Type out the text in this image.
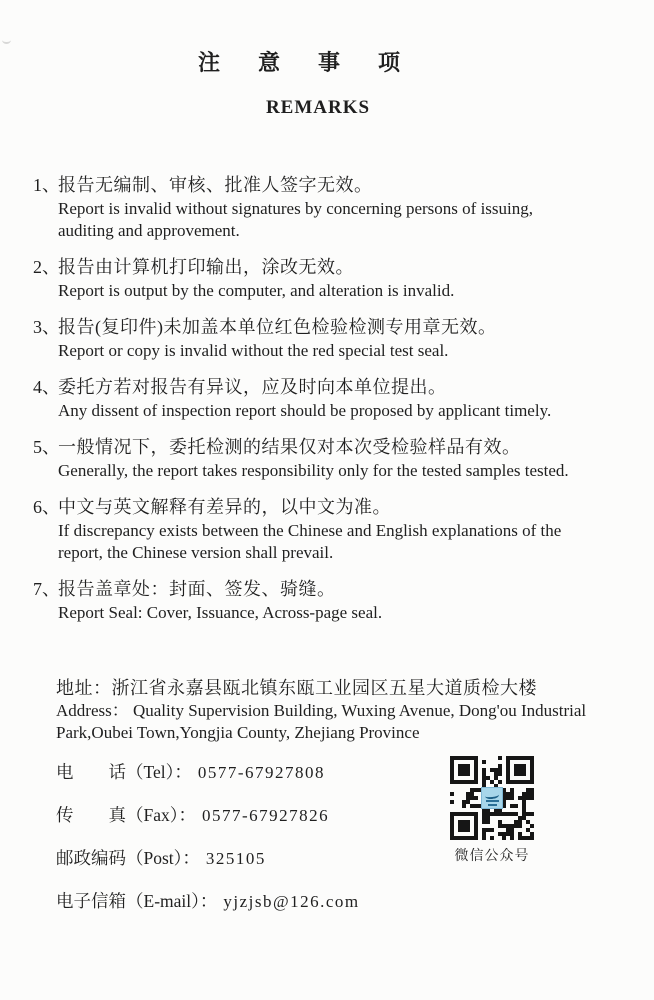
注意事项
REMARKS
1、
报告无编制、审核、批准人签字无效。
Report is invalid without signatures by concerning persons of issuing,
auditing and approvement.
2、
报告由计算机打印输出，涂改无效。
Report is output by the computer, and alteration is invalid.
3、
报告(复印件)未加盖本单位红色检验检测专用章无效。
Report or copy is invalid without the red special test seal.
4、
委托方若对报告有异议，应及时向本单位提出。
Any dissent of inspection report should be proposed by applicant timely.
5、
一般情况下，委托检测的结果仅对本次受检验样品有效。
Generally, the report takes responsibility only for the tested samples tested.
6、
中文与英文解释有差异的，以中文为准。
If discrepancy exists between the Chinese and English explanations of the
report, the Chinese version shall prevail.
7、
报告盖章处：封面、签发、骑缝。
Report Seal: Cover, Issuance, Across-page seal.
地址：浙江省永嘉县瓯北镇东瓯工业园区五星大道质检大楼
Address： Quality Supervision Building, Wuxing Avenue, Dong'ou Industrial
Park,Oubei Town,Yongjia County, Zhejiang Province
电　　话（Tel）： 0577-67927808
传　　真（Fax）： 0577-67927826
邮政编码（Post）： 325105
电子信箱（E-mail）： yjzjsb@126.com
微信公众号
